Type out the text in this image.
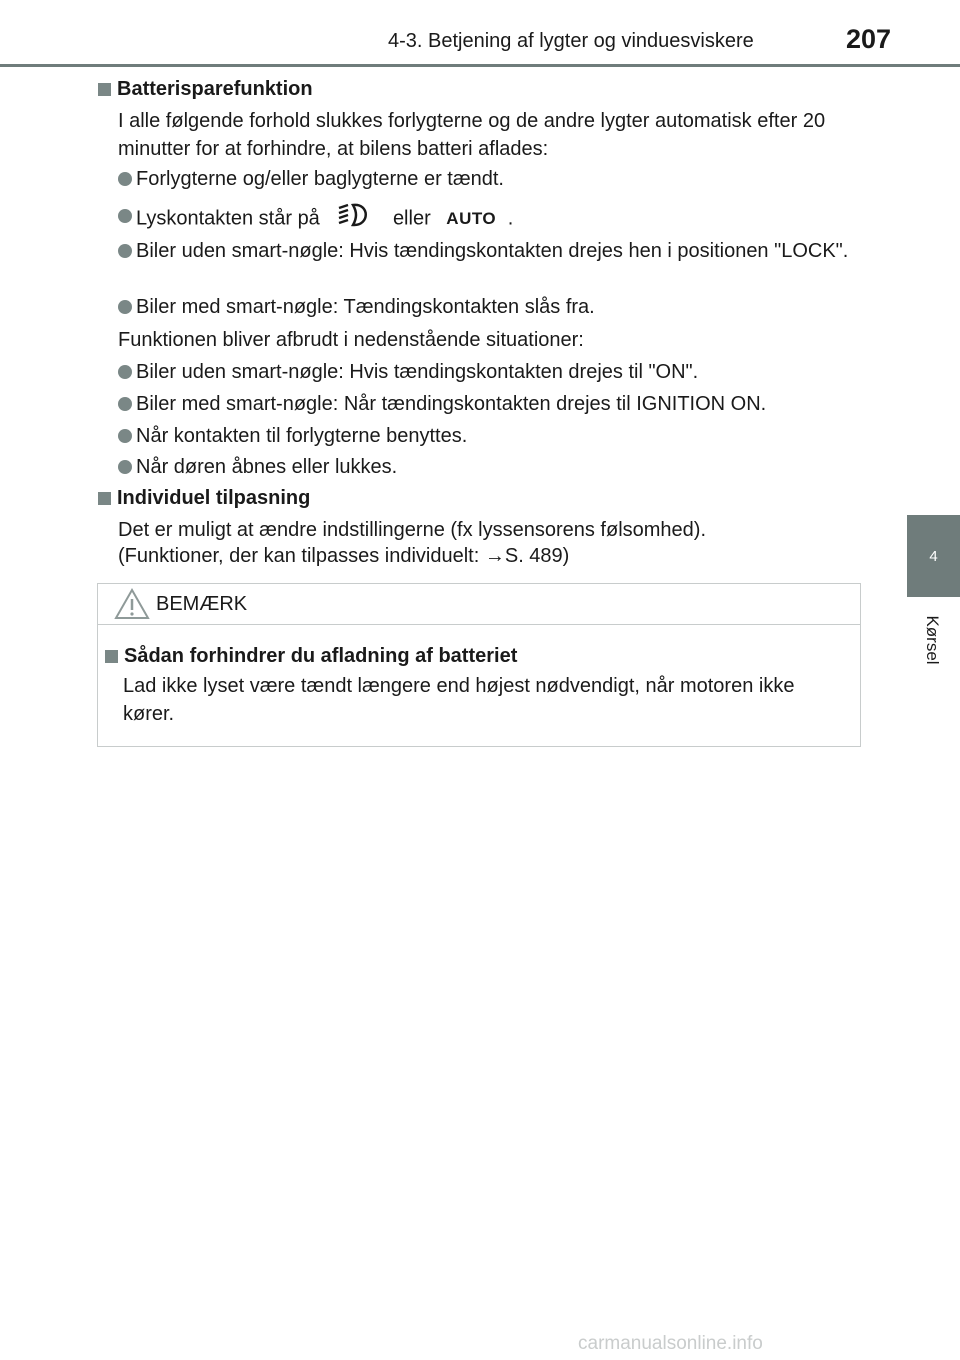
4-3. Betjening af lygter og vinduesviskere	207
4
Kørsel
Batterisparefunktion
I alle følgende forhold slukkes forlygterne og de andre lygter automatisk efter 20 minutter for at forhindre, at bilens batteri aflades:
Forlygterne og/eller baglygterne er tændt.
Lyskontakten står på	eller AUTO .
Biler uden smart-nøgle: Hvis tændingskontakten drejes hen i positionen "LOCK".
Biler med smart-nøgle: Tændingskontakten slås fra.
Funktionen bliver afbrudt i nedenstående situationer:
Biler uden smart-nøgle: Hvis tændingskontakten drejes til "ON".
Biler med smart-nøgle: Når tændingskontakten drejes til IGNITION ON.
Når kontakten til forlygterne benyttes.
Når døren åbnes eller lukkes.
Individuel tilpasning
Det er muligt at ændre indstillingerne (fx lyssensorens følsomhed).
(Funktioner, der kan tilpasses individuelt: →S. 489)
BEMÆRK
Sådan forhindrer du afladning af batteriet
Lad ikke lyset være tændt længere end højest nødvendigt, når motoren ikke kører.
carmanualsonline.info
